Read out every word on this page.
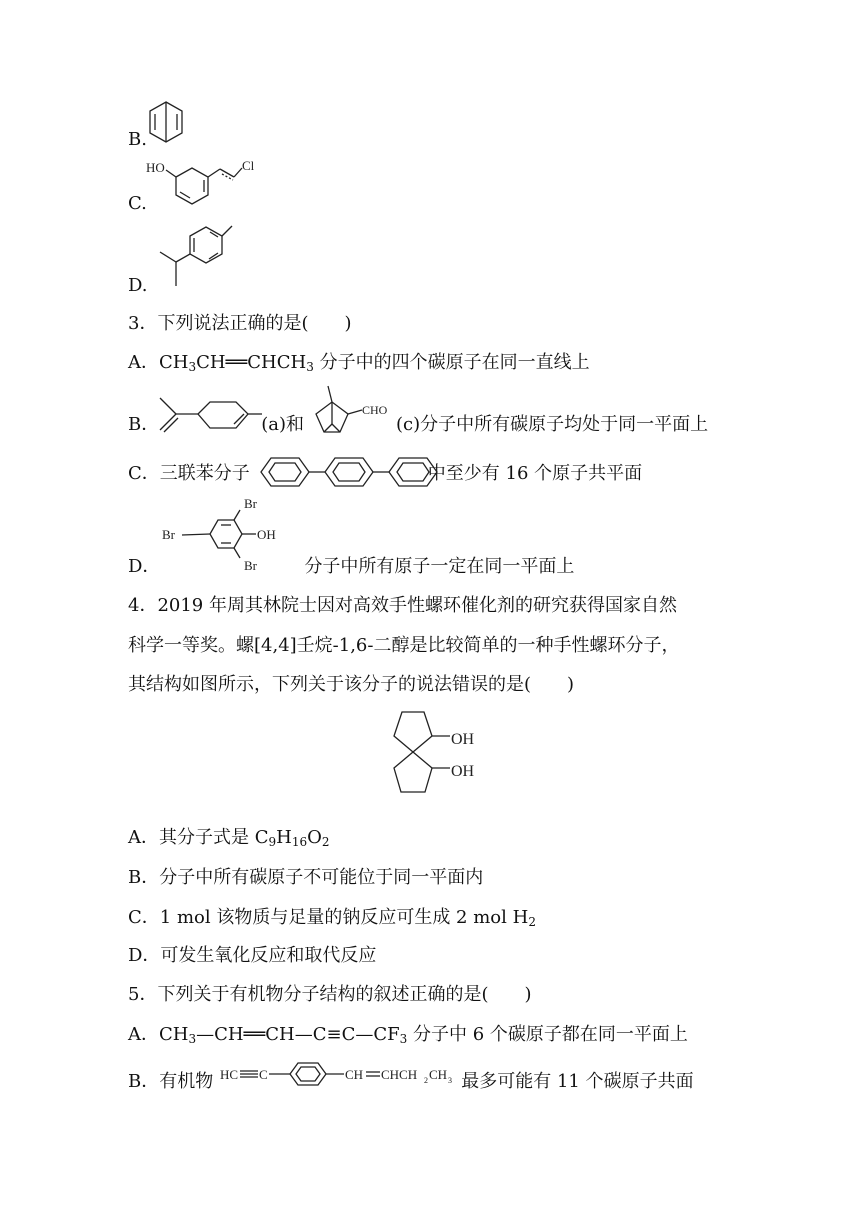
B.
C.
HO	Cl
D.
3．下列说法正确的是(　　)
A．$CH_3CH══CHCH_3$ 分子中的四个碳原子在同一直线上
B．	(a)和	(c)分子中所有碳原子均处于同一平面上
CHO
C．三联苯分子	中至少有 16 个原子共平面
D．	分子中所有原子一定在同一平面上
Br
Br	OH
Br
4．2019 年周其林院士因对高效手性螺环催化剂的研究获得国家自然
科学一等奖。螺[4,4]壬烷-1,6-二醇是比较简单的一种手性螺环分子，
其结构如图所示，下列关于该分子的说法错误的是(　　)
OH
OH
A．其分子式是 $C_9H_{16}O_2$
B．分子中所有碳原子不可能位于同一平面内
C．1 mol 该物质与足量的钠反应可生成 2 mol $H_2$
D．可发生氧化反应和取代反应
5．下列关于有机物分子结构的叙述正确的是(　　)
A．$CH_3—CH══CH—C\equiv C—CF_3$ 分子中 6 个碳原子都在同一平面上
B．有机物	最多可能有 11 个碳原子共面
HC C	CH CHCH 2 CH 3
